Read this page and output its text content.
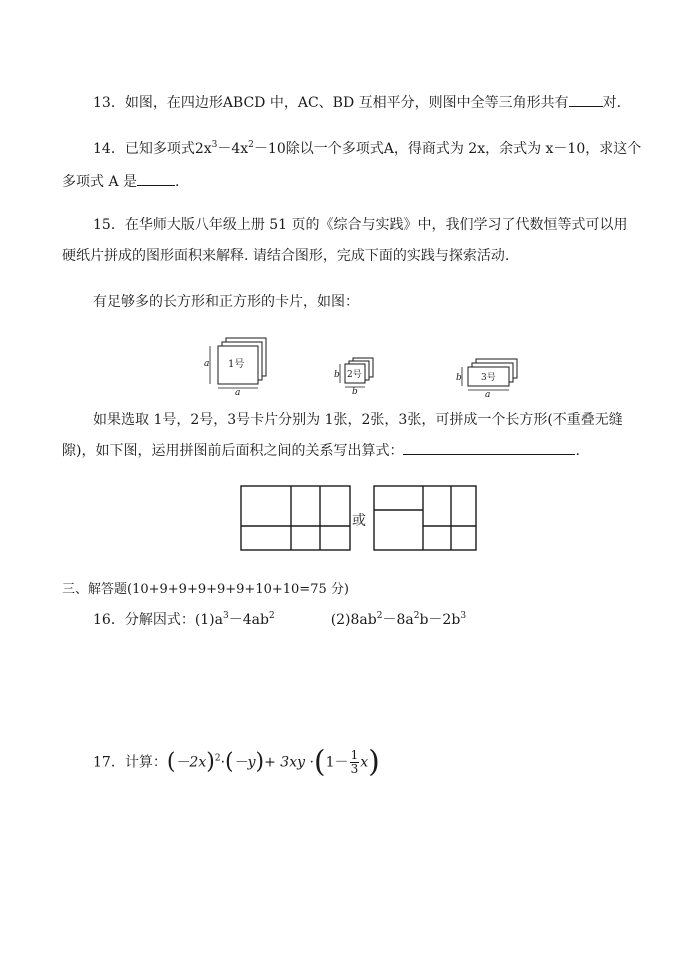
13．如图，在四边形ABCD 中，AC、BD 互相平分，则图中全等三角形共有 对.
14．已知多项式$2x^3-4x^2-10$除以一个多项式A，得商式为 2x，余式为 x－10，求这个
多项式 A 是	.
15．在华师大版八年级上册 51 页的《综合与实践》中，我们学习了代数恒等式可以用
硬纸片拼成的图形面积来解释. 请结合图形，完成下面的实践与探索活动.
有足够多的长方形和正方形的卡片，如图：
1号
a
a
2号
b
b
3号
b
a
如果选取 1号，2号，3号卡片分别为 1张，2张，3张，可拼成一个长方形(不重叠无缝
隙)，如下图，运用拼图前后面积之间的关系写出算式：	.
或
三、解答题(10+9+9+9+9+9+10+10=75 分)
16．分解因式：$(1)a^3-4ab^2$	$(2)8ab^2-8a^2b-2b^3$
17．计算：$(-2x)^2\cdot(-y)+ 3xy \cdot(1- \frac{1}{3} x)$
